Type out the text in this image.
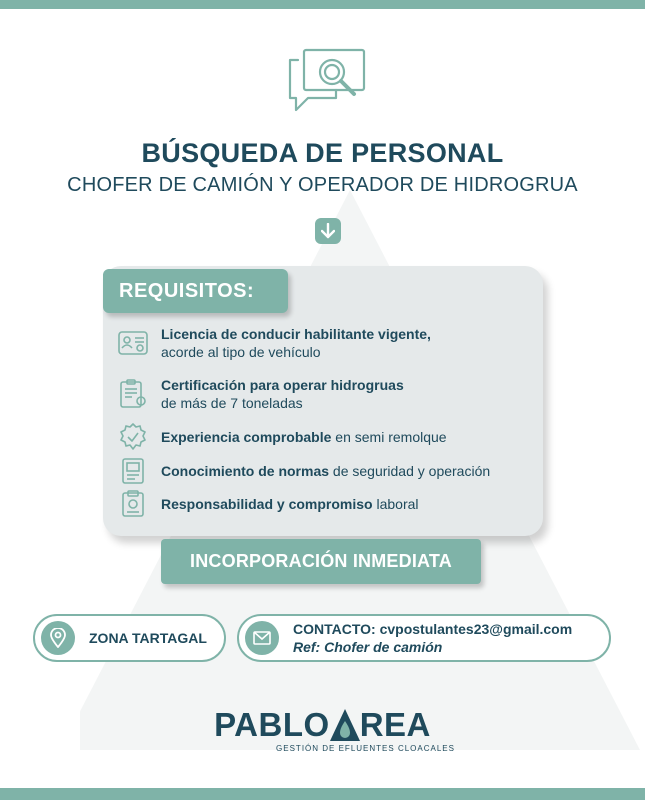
BÚSQUEDA DE PERSONAL
CHOFER DE CAMIÓN Y OPERADOR DE HIDROGRUA
REQUISITOS:
Licencia de conducir habilitante vigente,
acorde al tipo de vehículo
Certificación para operar hidrogruas
de más de 7 toneladas
Experiencia comprobable en semi remolque
Conocimiento de normas de seguridad y operación
Responsabilidad y compromiso laboral
INCORPORACIÓN INMEDIATA
ZONA TARTAGAL
CONTACTO: cvpostulantes23@gmail.com
Ref: Chofer de camión
PABLO REA
GESTIÓN DE EFLUENTES CLOACALES
